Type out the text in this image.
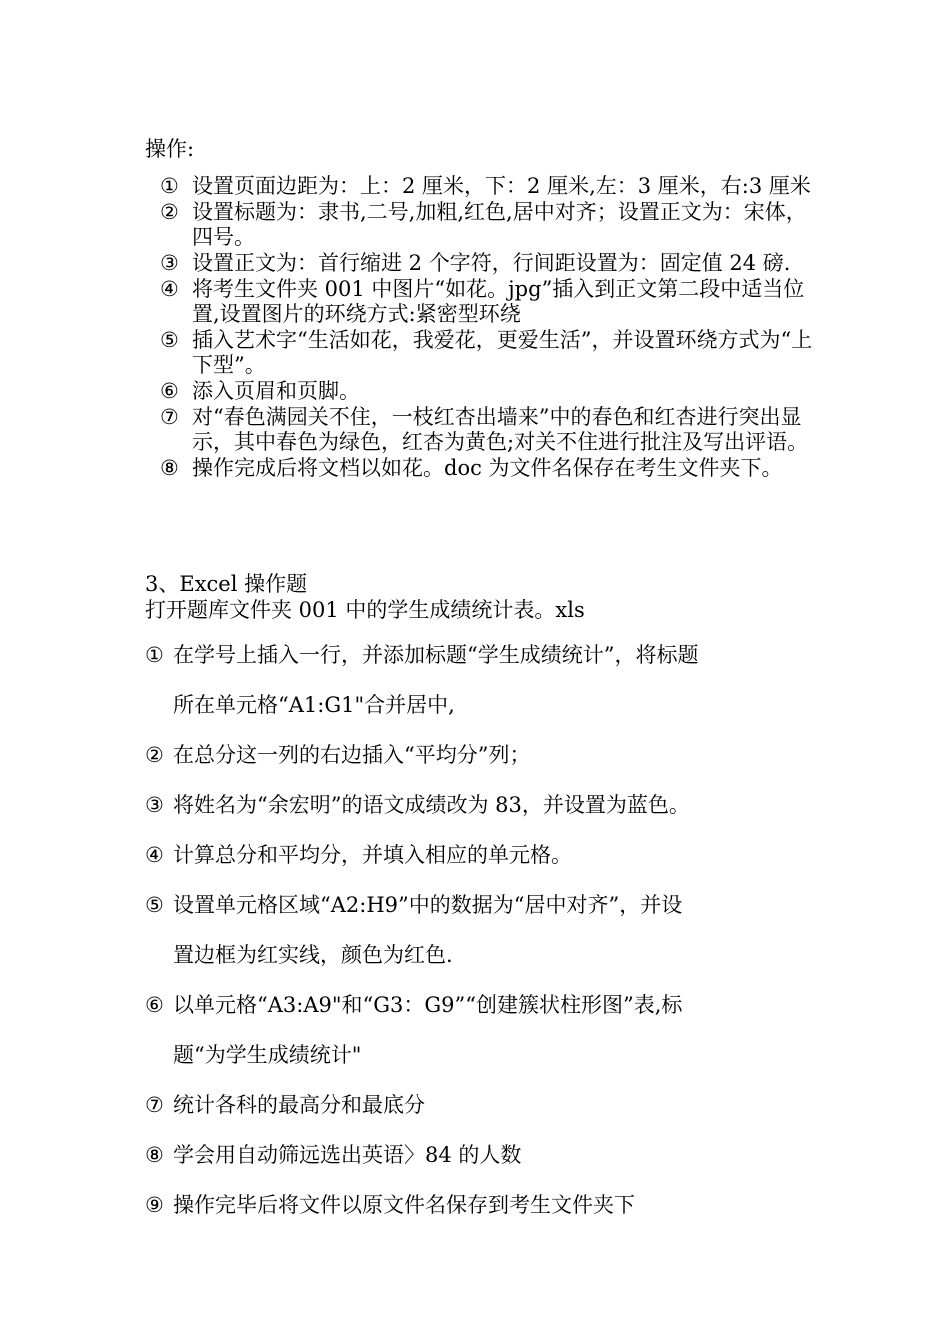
操作:
① 设置页面边距为：上：2 厘米，下：2 厘米,左：3 厘米，右:3 厘米
② 设置标题为：隶书,二号,加粗,红色,居中对齐；设置正文为：宋体，四号。
③ 设置正文为：首行缩进 2 个字符，行间距设置为：固定值 24 磅.
④ 将考生文件夹 001 中图片“如花。jpg”插入到正文第二段中适当位置,设置图片的环绕方式:紧密型环绕
⑤ 插入艺术字“生活如花，我爱花，更爱生活”，并设置环绕方式为“上下型”。
⑥ 添入页眉和页脚。
⑦ 对“春色满园关不住，一枝红杏出墙来”中的春色和红杏进行突出显示，其中春色为绿色，红杏为黄色;对关不住进行批注及写出评语。
⑧ 操作完成后将文档以如花。doc 为文件名保存在考生文件夹下。
3、Excel 操作题
打开题库文件夹 001 中的学生成绩统计表。xls
① 在学号上插入一行，并添加标题“学生成绩统计”，将标题
所在单元格“A1:G1"合并居中,
② 在总分这一列的右边插入“平均分”列；
③ 将姓名为“余宏明”的语文成绩改为 83，并设置为蓝色。
④ 计算总分和平均分，并填入相应的单元格。
⑤ 设置单元格区域“A2:H9”中的数据为“居中对齐”，并设
置边框为红实线，颜色为红色.
⑥ 以单元格“A3:A9"和“G3：G9”“创建簇状柱形图”表,标
题“为学生成绩统计"
⑦ 统计各科的最高分和最底分
⑧ 学会用自动筛远选出英语〉84 的人数
⑨ 操作完毕后将文件以原文件名保存到考生文件夹下
